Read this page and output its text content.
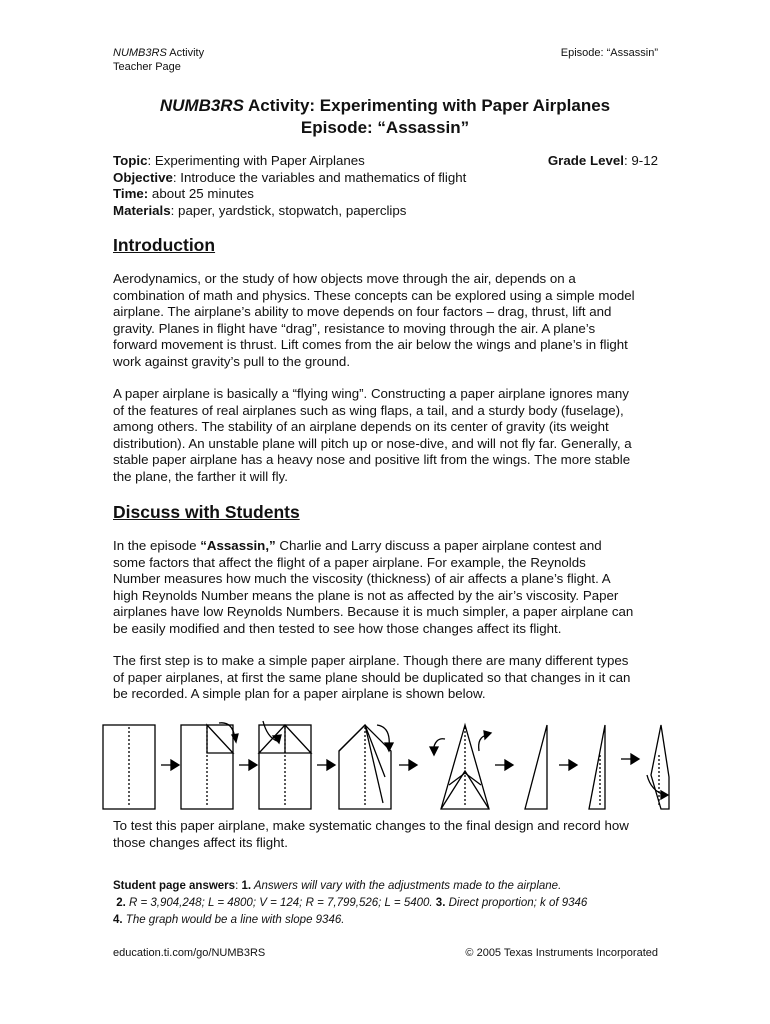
NUMB3RS Activity
Teacher Page
Episode: “Assassin”
NUMB3RS Activity: Experimenting with Paper Airplanes
Episode: “Assassin”
Topic: Experimenting with Paper Airplanes	Grade Level: 9-12
Objective: Introduce the variables and mathematics of flight
Time: about 25 minutes
Materials: paper, yardstick, stopwatch, paperclips
Introduction
Aerodynamics, or the study of how objects move through the air, depends on a
combination of math and physics. These concepts can be explored using a simple model
airplane. The airplane’s ability to move depends on four factors – drag, thrust, lift and
gravity. Planes in flight have “drag”, resistance to moving through the air. A plane’s
forward movement is thrust. Lift comes from the air below the wings and plane’s in flight
work against gravity’s pull to the ground.
A paper airplane is basically a “flying wing”. Constructing a paper airplane ignores many
of the features of real airplanes such as wing flaps, a tail, and a sturdy body (fuselage),
among others. The stability of an airplane depends on its center of gravity (its weight
distribution). An unstable plane will pitch up or nose-dive, and will not fly far. Generally, a
stable paper airplane has a heavy nose and positive lift from the wings. The more stable
the plane, the farther it will fly.
Discuss with Students
In the episode “Assassin,” Charlie and Larry discuss a paper airplane contest and
some factors that affect the flight of a paper airplane. For example, the Reynolds
Number measures how much the viscosity (thickness) of air affects a plane’s flight. A
high Reynolds Number means the plane is not as affected by the air’s viscosity. Paper
airplanes have low Reynolds Numbers. Because it is much simpler, a paper airplane can
be easily modified and then tested to see how those changes affect its flight.
The first step is to make a simple paper airplane. Though there are many different types
of paper airplanes, at first the same plane should be duplicated so that changes in it can
be recorded. A simple plan for a paper airplane is shown below.
To test this paper airplane, make systematic changes to the final design and record how
those changes affect its flight.
Student page answers: 1. Answers will vary with the adjustments made to the airplane.
2. R = 3,904,248; L = 4800; V = 124; R = 7,799,526; L = 5400. 3. Direct proportion; k of 9346
4. The graph would be a line with slope 9346.
education.ti.com/go/NUMB3RS	© 2005 Texas Instruments Incorporated
